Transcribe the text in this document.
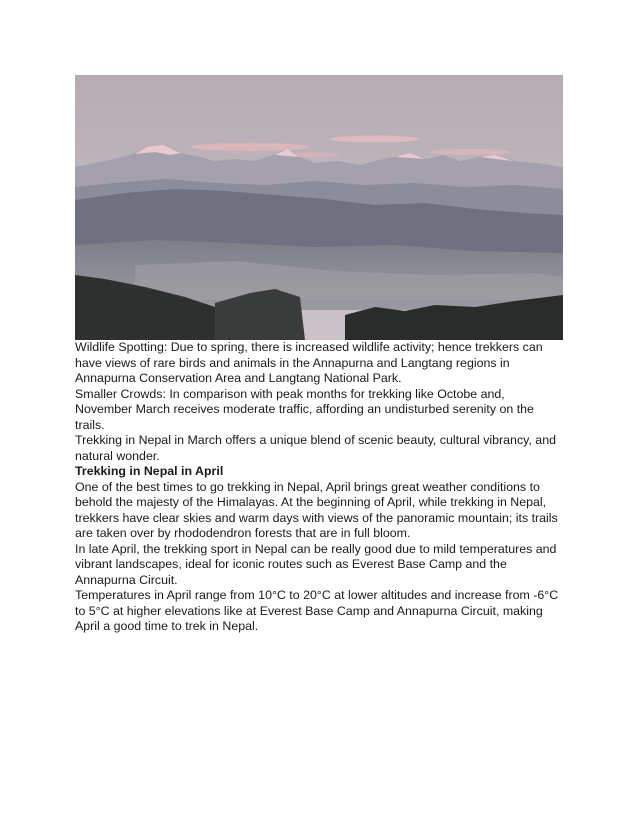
Wildlife Spotting: Due to spring, there is increased wildlife activity; hence trekkers can have views of rare birds and animals in the Annapurna and Langtang regions in Annapurna Conservation Area and Langtang National Park.

Smaller Crowds: In comparison with peak months for trekking like Octobe and, November March receives moderate traffic, affording an undisturbed serenity on the trails.

Trekking in Nepal in March offers a unique blend of scenic beauty, cultural vibrancy, and natural wonder.

Trekking in Nepal in April

One of the best times to go trekking in Nepal, April brings great weather conditions to behold the majesty of the Himalayas. At the beginning of April, while trekking in Nepal, trekkers have clear skies and warm days with views of the panoramic mountain; its trails are taken over by rhododendron forests that are in full bloom.

In late April, the trekking sport in Nepal can be really good due to mild temperatures and vibrant landscapes, ideal for iconic routes such as Everest Base Camp and the Annapurna Circuit.

Temperatures in April range from 10°C to 20°C at lower altitudes and increase from -6°C to 5°C at higher elevations like at Everest Base Camp and Annapurna Circuit, making April a good time to trek in Nepal.
